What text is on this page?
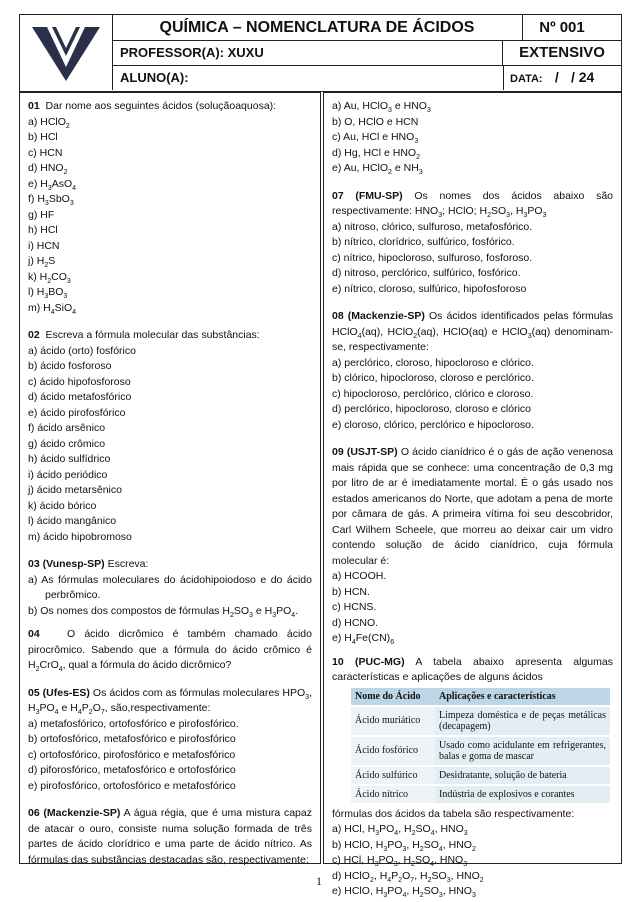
QUÍMICA – NOMENCLATURA DE ÁCIDOS	Nº 001
PROFESSOR(A): XUXU	EXTENSIVO
ALUNO(A):	DATA: / / 24

01 Dar nome aos seguintes ácidos (soluçãoaquosa):

a) HClO$_2$

b) HCl

c) HCN

d) $HNO_2$

e) $H_3AsO_4$

f) $H_3SbO_3$

g) HF

h) HCl

i) HCN

j) $H_2S$

k) $H_2CO_3$

l) $H_3BO_3$

m) $H_4SiO_4$

02 Escreva a fórmula molecular das substâncias:

a) ácido (orto) fosfórico

b) ácido fosforoso

c) ácido hipofosforoso

d) ácido metafosfórico

e) ácido pirofosfórico

f) ácido arsênico

g) ácido crômico

h) ácido sulfídrico

i) ácido periódico

j) ácido metarsênico

k) ácido bórico

l) ácido mangânico

m) ácido hipobromoso

03 (Vunesp-SP) Escreva:

a) As fórmulas moleculares do ácidohipoiodoso e do ácido perbrômico.

b) Os nomes dos compostos de fórmulas $H_2SO_3$ e $H_3PO_4$.

04	O ácido dicrômico é também chamado ácido pirocrômico. Sabendo que a fórmula do ácido crômico é $H_2CrO_4$, qual a fórmula do ácido dicrômico?

05 (Ufes-ES) Os ácidos com as fórmulas moleculares $HPO_3$, $H_3PO_4$ e $H_4P_2O_7$, são,respectivamente:

a) metafosfórico, ortofosfórico e pirofosfórico.

b) ortofosfórico, metafosfórico e pirofosfórico

c) ortofosfórico, pirofosfórico e metafosfórico

d) piforosfórico, metafosfórico e ortofosfórico

e) pirofosfórico, ortofosfórico e metafosfórico

06 (Mackenzie-SP) A água régia, que é uma mistura capaz de atacar o ouro, consiste numa solução formada de três partes de ácido clorídrico e uma parte de ácido nítrico. As fórmulas das substâncias destacadas são, respectivamente:

a) Au, HClO$_3$ e $HNO_3$

b) O, HClO e HCN

c) Au, HCl e $HNO_3$

d) Hg, HCl e $HNO_2$

e) Au, HClO$_2$ e $NH_3$

07 (FMU-SP) Os nomes dos ácidos abaixo são respectivamente: $HNO_3$; HClO; $H_2SO_3$, $H_3PO_3$

a) nitroso, clórico, sulfuroso, metafosfórico.

b) nítrico, clorídrico, sulfúrico, fosfórico.

c) nítrico, hipocloroso, sulfuroso, fosforoso.

d) nitroso, perclórico, sulfúrico, fosfórico.

e) nítrico, cloroso, sulfúrico, hipofosforoso

08 (Mackenzie-SP) Os ácidos identificados pelas fórmulas HClO$_4$(aq), HClO$_2$(aq), HClO(aq) e HClO$_3$(aq) denominam-se, respectivamente:

a) perclórico, cloroso, hipocloroso e clórico.

b) clórico, hipocloroso, cloroso e perclórico.

c) hipocloroso, perclórico, clórico e cloroso.

d) perclórico, hipocloroso, cloroso e clórico

e) cloroso, clórico, perclórico e hipocloroso.

09 (USJT-SP) O ácido cianídrico é o gás de ação venenosa mais rápida que se conhece: uma concentração de 0,3 mg por litro de ar é imediatamente mortal. É o gás usado nos estados americanos do Norte, que adotam a pena de morte por câmara de gás. A primeira vítima foi seu descobridor, Carl Wilhem Scheele, que morreu ao deixar cair um vidro contendo solução de ácido cianídrico, cuja fórmula molecular é:

a) HCOOH.

b) HCN.

c) HCNS.

d) HCNO.

e) $H_4Fe(CN)_6$

10 (PUC-MG) A tabela abaixo apresenta algumas características e aplicações de alguns ácidos

Nome do Ácido	Aplicações e características
Ácido muriático	Limpeza doméstica e de peças metálicas (decapagem)
Ácido fosfórico	Usado como acidulante em refrigerantes, balas e goma de mascar
Ácido sulfúrico	Desidratante, solução de bateria
Ácido nítrico	Indústria de explosivos e corantes

fórmulas dos ácidos da tabela são respectivamente:

a) HCl, $H_3PO_4$, $H_2SO_4$, $HNO_3$

b) HClO, $H_3PO_3$, $H_2SO_4$, $HNO_2$

c) HCl, $H_3PO_3$, $H_2SO_4$, $HNO_3$

d) HClO$_2$, $H_4P_2O_7$, $H_2SO_3$, $HNO_2$

e) HClO, $H_3PO_4$, $H_2SO_3$, $HNO_3$

1
